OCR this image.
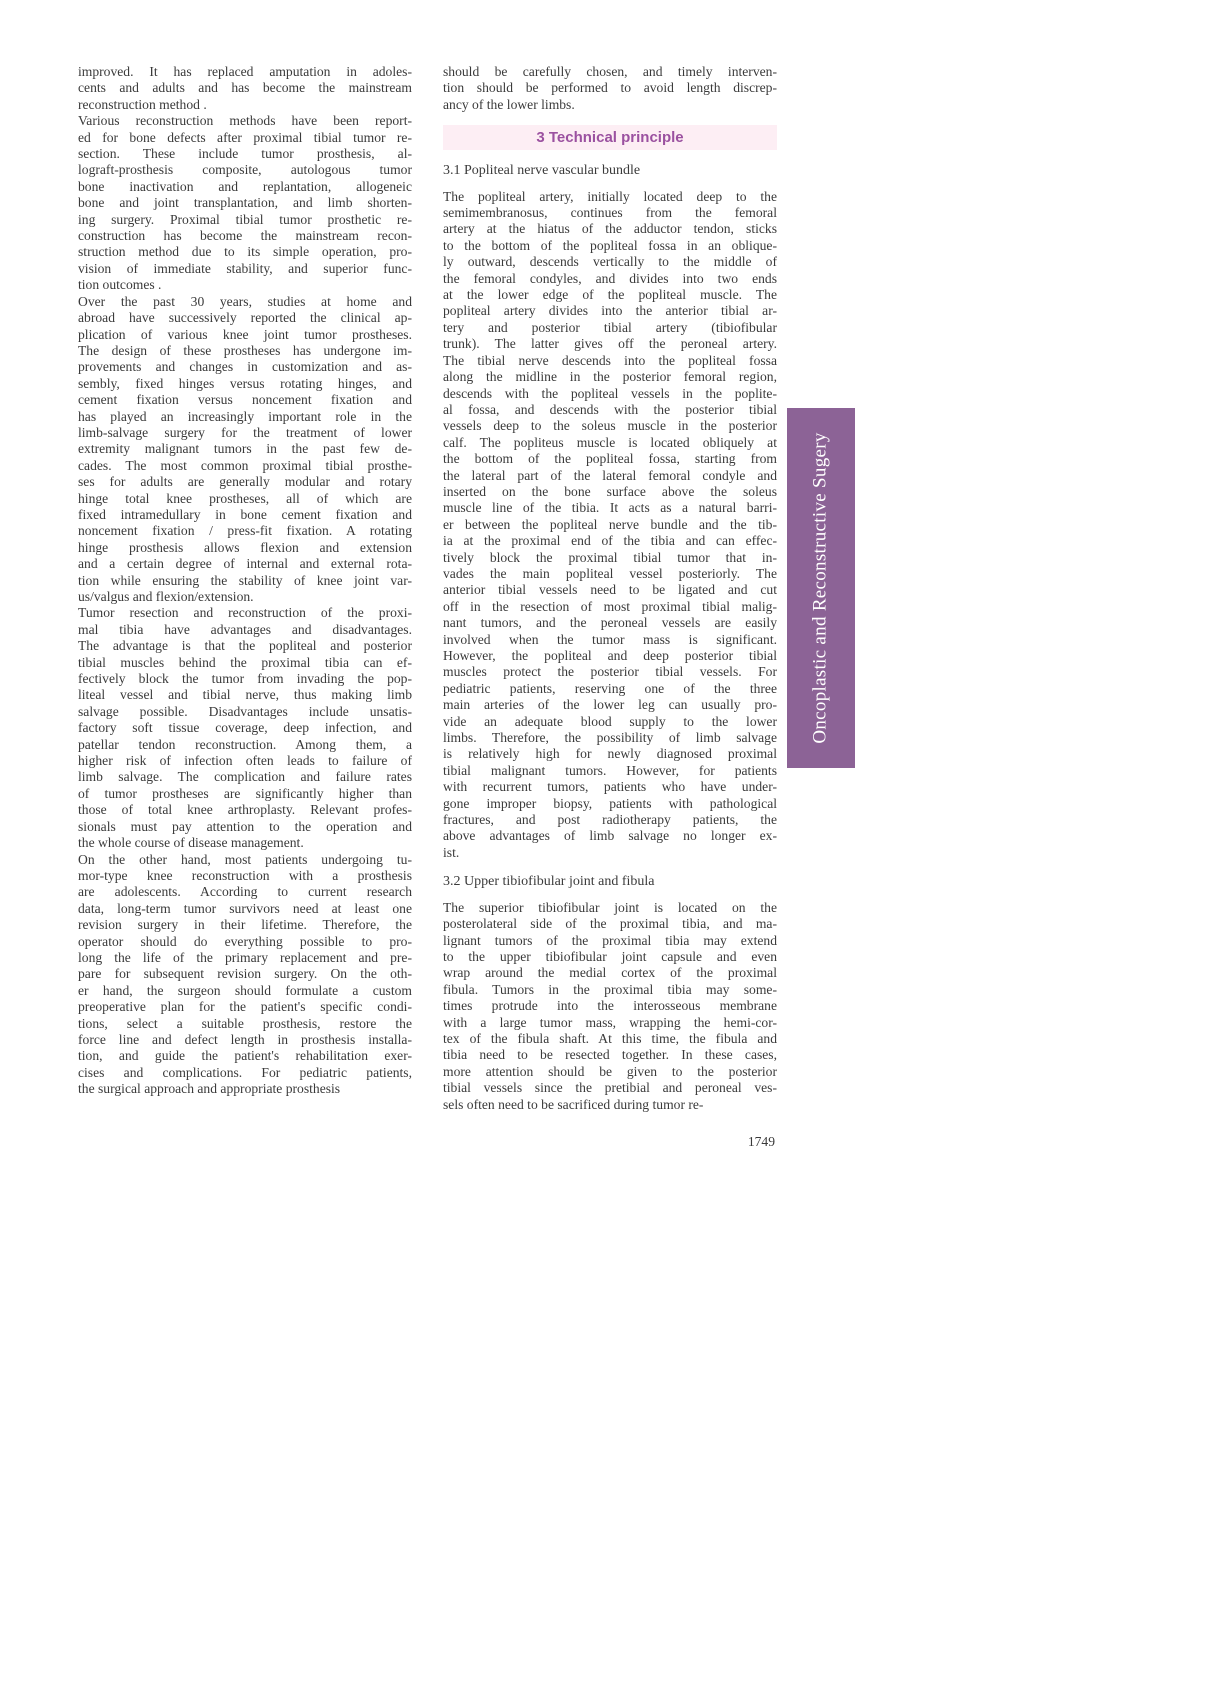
improved. It has replaced amputation in adoles-
cents and adults and has become the mainstream
reconstruction method .
Various reconstruction methods have been report-
ed for bone defects after proximal tibial tumor re-
section. These include tumor prosthesis, al-
lograft-prosthesis composite, autologous tumor
bone inactivation and replantation, allogeneic
bone and joint transplantation, and limb shorten-
ing surgery. Proximal tibial tumor prosthetic re-
construction has become the mainstream recon-
struction method due to its simple operation, pro-
vision of immediate stability, and superior func-
tion outcomes .
Over the past 30 years, studies at home and
abroad have successively reported the clinical ap-
plication of various knee joint tumor prostheses.
The design of these prostheses has undergone im-
provements and changes in customization and as-
sembly, fixed hinges versus rotating hinges, and
cement fixation versus noncement fixation and
has played an increasingly important role in the
limb-salvage surgery for the treatment of lower
extremity malignant tumors in the past few de-
cades. The most common proximal tibial prosthe-
ses for adults are generally modular and rotary
hinge total knee prostheses, all of which are
fixed intramedullary in bone cement fixation and
noncement fixation / press-fit fixation. A rotating
hinge prosthesis allows flexion and extension
and a certain degree of internal and external rota-
tion while ensuring the stability of knee joint var-
us/valgus and flexion/extension.
Tumor resection and reconstruction of the proxi-
mal tibia have advantages and disadvantages.
The advantage is that the popliteal and posterior
tibial muscles behind the proximal tibia can ef-
fectively block the tumor from invading the pop-
liteal vessel and tibial nerve, thus making limb
salvage possible. Disadvantages include unsatis-
factory soft tissue coverage, deep infection, and
patellar tendon reconstruction. Among them, a
higher risk of infection often leads to failure of
limb salvage. The complication and failure rates
of tumor prostheses are significantly higher than
those of total knee arthroplasty. Relevant profes-
sionals must pay attention to the operation and
the whole course of disease management.
On the other hand, most patients undergoing tu-
mor-type knee reconstruction with a prosthesis
are adolescents. According to current research
data, long-term tumor survivors need at least one
revision surgery in their lifetime. Therefore, the
operator should do everything possible to pro-
long the life of the primary replacement and pre-
pare for subsequent revision surgery. On the oth-
er hand, the surgeon should formulate a custom
preoperative plan for the patient's specific condi-
tions, select a suitable prosthesis, restore the
force line and defect length in prosthesis installa-
tion, and guide the patient's rehabilitation exer-
cises and complications. For pediatric patients,
the surgical approach and appropriate prosthesis
should be carefully chosen, and timely interven-
tion should be performed to avoid length discrep-
ancy of the lower limbs.
3 Technical principle
3.1 Popliteal nerve vascular bundle
The popliteal artery, initially located deep to the
semimembranosus, continues from the femoral
artery at the hiatus of the adductor tendon, sticks
to the bottom of the popliteal fossa in an oblique-
ly outward, descends vertically to the middle of
the femoral condyles, and divides into two ends
at the lower edge of the popliteal muscle. The
popliteal artery divides into the anterior tibial ar-
tery and posterior tibial artery (tibiofibular
trunk). The latter gives off the peroneal artery.
The tibial nerve descends into the popliteal fossa
along the midline in the posterior femoral region,
descends with the popliteal vessels in the poplite-
al fossa, and descends with the posterior tibial
vessels deep to the soleus muscle in the posterior
calf. The popliteus muscle is located obliquely at
the bottom of the popliteal fossa, starting from
the lateral part of the lateral femoral condyle and
inserted on the bone surface above the soleus
muscle line of the tibia. It acts as a natural barri-
er between the popliteal nerve bundle and the tib-
ia at the proximal end of the tibia and can effec-
tively block the proximal tibial tumor that in-
vades the main popliteal vessel posteriorly. The
anterior tibial vessels need to be ligated and cut
off in the resection of most proximal tibial malig-
nant tumors, and the peroneal vessels are easily
involved when the tumor mass is significant.
However, the popliteal and deep posterior tibial
muscles protect the posterior tibial vessels. For
pediatric patients, reserving one of the three
main arteries of the lower leg can usually pro-
vide an adequate blood supply to the lower
limbs. Therefore, the possibility of limb salvage
is relatively high for newly diagnosed proximal
tibial malignant tumors. However, for patients
with recurrent tumors, patients who have under-
gone improper biopsy, patients with pathological
fractures, and post radiotherapy patients, the
above advantages of limb salvage no longer ex-
ist.
3.2 Upper tibiofibular joint and fibula
The superior tibiofibular joint is located on the
posterolateral side of the proximal tibia, and ma-
lignant tumors of the proximal tibia may extend
to the upper tibiofibular joint capsule and even
wrap around the medial cortex of the proximal
fibula. Tumors in the proximal tibia may some-
times protrude into the interosseous membrane
with a large tumor mass, wrapping the hemi-cor-
tex of the fibula shaft. At this time, the fibula and
tibia need to be resected together. In these cases,
more attention should be given to the posterior
tibial vessels since the pretibial and peroneal ves-
sels often need to be sacrificed during tumor re-
1749
Oncoplastic and Reconstructive Sugery
